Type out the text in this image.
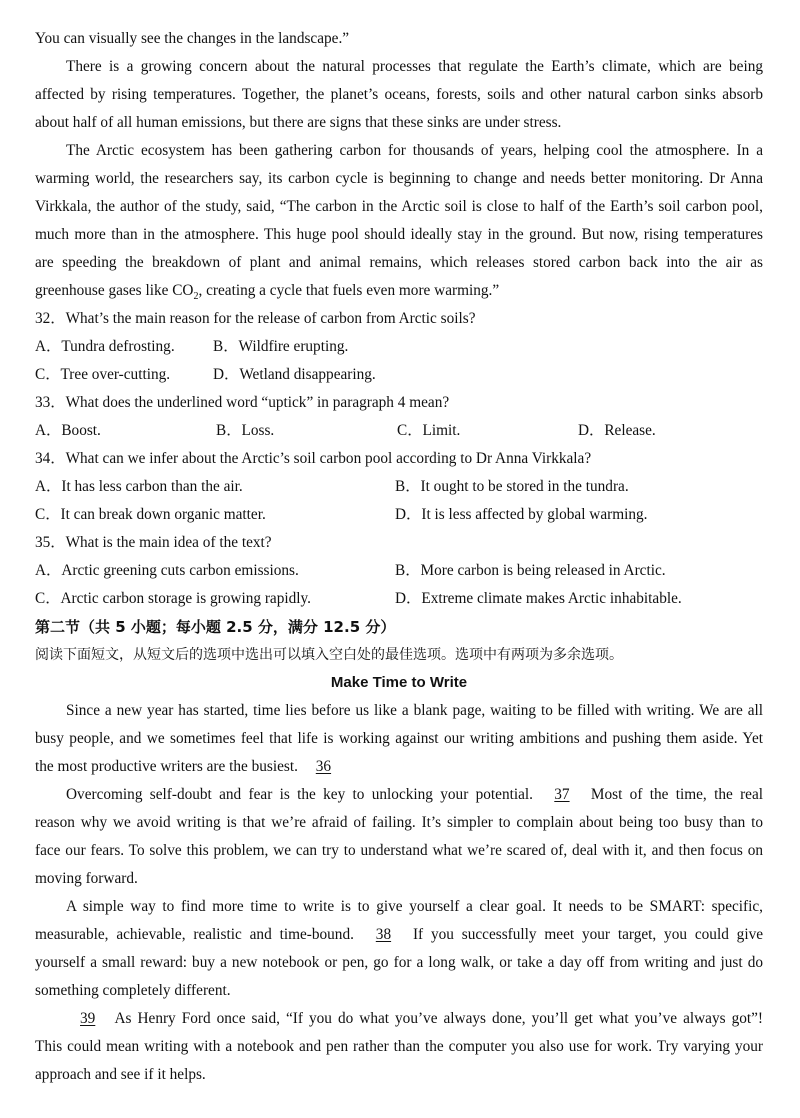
You can visually see the changes in the landscape.”
There is a growing concern about the natural processes that regulate the Earth’s climate, which are being
affected by rising temperatures. Together, the planet’s oceans, forests, soils and other natural carbon sinks absorb
about half of all human emissions, but there are signs that these sinks are under stress.
The Arctic ecosystem has been gathering carbon for thousands of years, helping cool the atmosphere. In a
warming world, the researchers say, its carbon cycle is beginning to change and needs better monitoring. Dr Anna
Virkkala, the author of the study, said, “The carbon in the Arctic soil is close to half of the Earth’s soil carbon pool,
much more than in the atmosphere. This huge pool should ideally stay in the ground. But now, rising temperatures
are speeding the breakdown of plant and animal remains, which releases stored carbon back into the air as
greenhouse gases like $CO_2$, creating a cycle that fuels even more warming.”
32．What’s the main reason for the release of carbon from Arctic soils?
A．Tundra defrosting.	B．Wildfire erupting.
C．Tree over-cutting.	D．Wetland disappearing.
33．What does the underlined word “uptick” in paragraph 4 mean?
A．Boost.	B．Loss.	C．Limit.	D．Release.
34．What can we infer about the Arctic’s soil carbon pool according to Dr Anna Virkkala?
A．It has less carbon than the air.	B．It ought to be stored in the tundra.
C．It can break down organic matter.	D．It is less affected by global warming.
35．What is the main idea of the text?
A．Arctic greening cuts carbon emissions.	B．More carbon is being released in Arctic.
C．Arctic carbon storage is growing rapidly.	D．Extreme climate makes Arctic inhabitable.
第二节（共 5 小题；每小题 2.5 分，满分 12.5 分）
阅读下面短文，从短文后的选项中选出可以填入空白处的最佳选项。选项中有两项为多余选项。
Make Time to Write
Since a new year has started, time lies before us like a blank page, waiting to be filled with writing. We are all
busy people, and we sometimes feel that life is working against our writing ambitions and pushing them aside. Yet
the most productive writers are the busiest. 36
Overcoming self-doubt and fear is the key to unlocking your potential. 37 Most of the time, the real
reason why we avoid writing is that we’re afraid of failing. It’s simpler to complain about being too busy than to
face our fears. To solve this problem, we can try to understand what we’re scared of, deal with it, and then focus on
moving forward.
A simple way to find more time to write is to give yourself a clear goal. It needs to be SMART: specific,
measurable, achievable, realistic and time-bound. 38 If you successfully meet your target, you could give
yourself a small reward: buy a new notebook or pen, go for a long walk, or take a day off from writing and just do
something completely different.
39 As Henry Ford once said, “If you do what you’ve always done, you’ll get what you’ve always got”!
This could mean writing with a notebook and pen rather than the computer you also use for work. Try varying your
approach and see if it helps.
